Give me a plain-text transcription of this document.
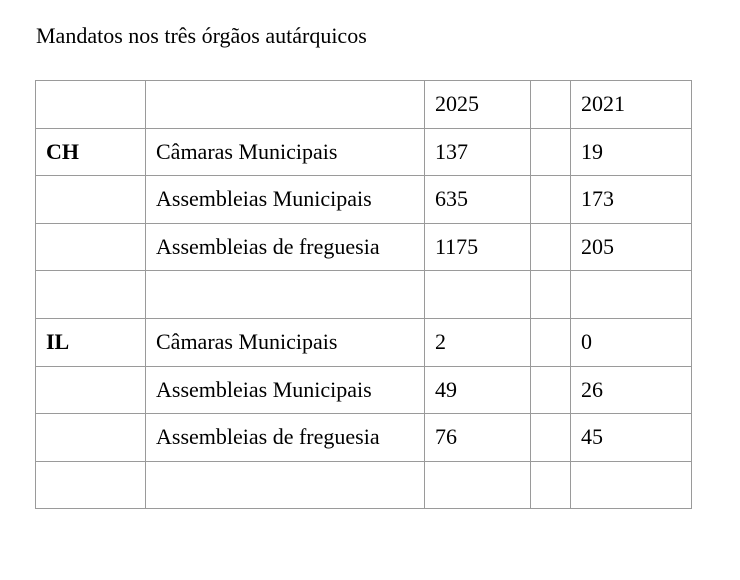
Mandatos nos três órgãos autárquicos
		2025		2021
CH	Câmaras Municipais	137		19
	Assembleias Municipais	635		173
	Assembleias de freguesia	1175		205

IL	Câmaras Municipais	2		0
	Assembleias Municipais	49		26
	Assembleias de freguesia	76		45
